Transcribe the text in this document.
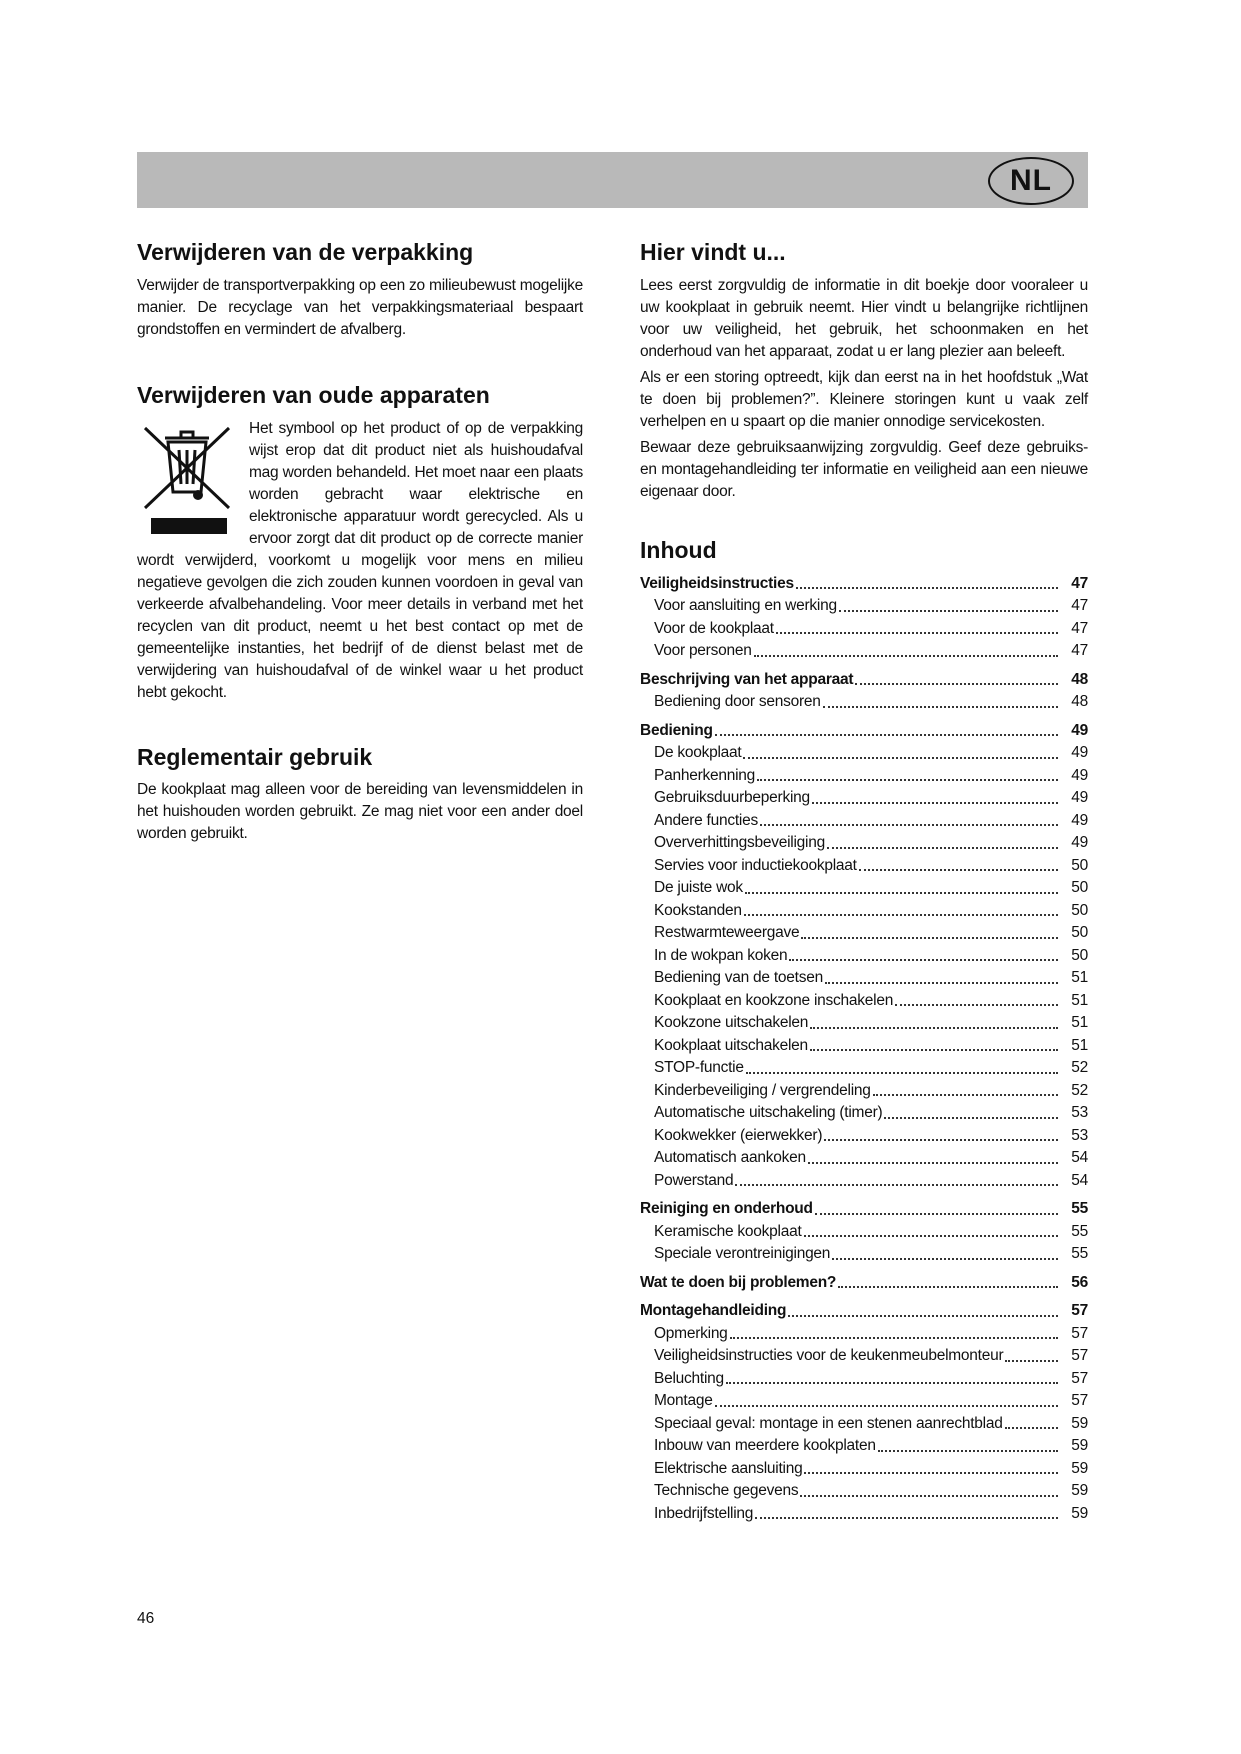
NL
Verwijderen van de verpakking

Verwijder de transportverpakking op een zo milieubewust mogelijke manier. De recyclage van het verpakkingsmateriaal bespaart grondstoffen en vermindert de afvalberg.

Verwijderen van oude apparaten

Het symbool op het product of op de verpakking wijst erop dat dit product niet als huishoudafval mag worden behandeld. Het moet naar een plaats worden gebracht waar elektrische en elektronische apparatuur wordt gerecycled. Als u ervoor zorgt dat dit product op de correcte manier wordt verwijderd, voorkomt u mogelijk voor mens en milieu negatieve gevolgen die zich zouden kunnen voordoen in geval van verkeerde afvalbehandeling. Voor meer details in verband met het recyclen van dit product, neemt u het best contact op met de gemeentelijke instanties, het bedrijf of de dienst belast met de verwijdering van huishoudafval of de winkel waar u het product hebt gekocht.

Reglementair gebruik

De kookplaat mag alleen voor de bereiding van levensmiddelen in het huishouden worden gebruikt. Ze mag niet voor een ander doel worden gebruikt.

Hier vindt u...

Lees eerst zorgvuldig de informatie in dit boekje door vooraleer u uw kookplaat in gebruik neemt. Hier vindt u belangrijke richtlijnen voor uw veiligheid, het gebruik, het schoonmaken en het onderhoud van het apparaat, zodat u er lang plezier aan beleeft.

Als er een storing optreedt, kijk dan eerst na in het hoofdstuk „Wat te doen bij problemen?”. Kleinere storingen kunt u vaak zelf verhelpen en u spaart op die manier onnodige servicekosten.

Bewaar deze gebruiksaanwijzing zorgvuldig. Geef deze gebruiks- en montagehandleiding ter informatie en veiligheid aan een nieuwe eigenaar door.

Inhoud
Veiligheidsinstructies	47
Voor aansluiting en werking	47
Voor de kookplaat	47
Voor personen	47
Beschrijving van het apparaat	48
Bediening door sensoren	48
Bediening	49
De kookplaat	49
Panherkenning	49
Gebruiksduurbeperking	49
Andere functies	49
Oververhittingsbeveiliging	49
Servies voor inductiekookplaat	50
De juiste wok	50
Kookstanden	50
Restwarmteweergave	50
In de wokpan koken	50
Bediening van de toetsen	51
Kookplaat en kookzone inschakelen	51
Kookzone uitschakelen	51
Kookplaat uitschakelen	51
STOP-functie	52
Kinderbeveiliging / vergrendeling	52
Automatische uitschakeling (timer)	53
Kookwekker (eierwekker)	53
Automatisch aankoken	54
Powerstand	54
Reiniging en onderhoud	55
Keramische kookplaat	55
Speciale verontreinigingen	55
Wat te doen bij problemen?	56
Montagehandleiding	57
Opmerking	57
Veiligheidsinstructies voor de keukenmeubelmonteur	57
Beluchting	57
Montage	57
Speciaal geval: montage in een stenen aanrechtblad	59
Inbouw van meerdere kookplaten	59
Elektrische aansluiting	59
Technische gegevens	59
Inbedrijfstelling	59
46
